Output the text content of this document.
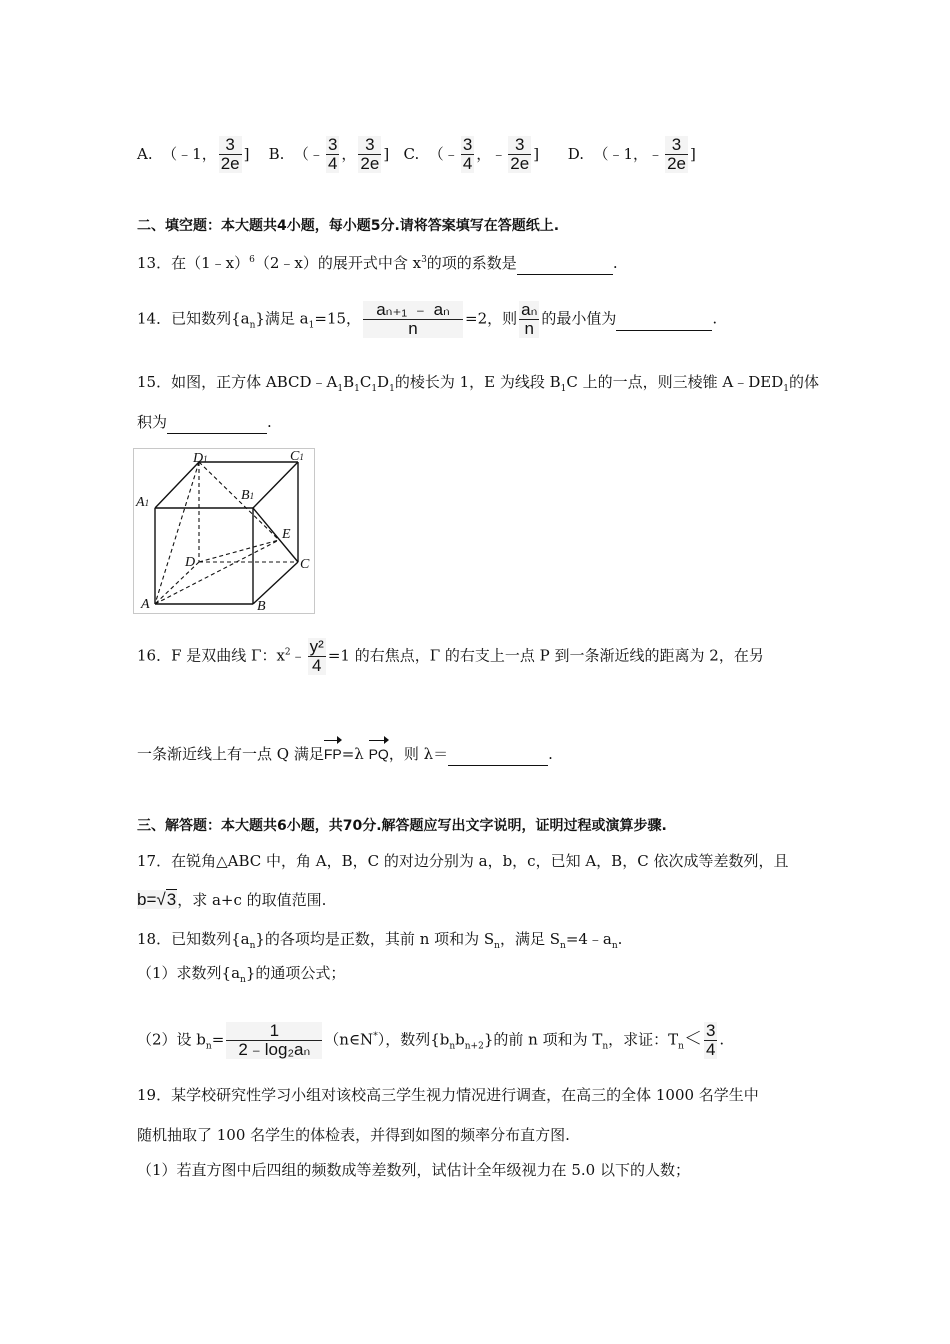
A. （﹣1， $\frac{3}{2e}$ ] B. （﹣ $\frac{3}{4}$ ， $\frac{3}{2e}$ ] C. （﹣ $\frac{3}{4}$ ，﹣ $\frac{3}{2e}$ ] D. （﹣1，﹣ $\frac{3}{2e}$ ]
二、填空题：本大题共4小题，每小题5分.请将答案填写在答题纸上.
13．在（1﹣x）$^6$（2﹣x）的展开式中含 $x^3$的项的系数是	.
14．已知数列$\{a_n\}$满足 $a_1=15$， $\frac{\text{aₙ₊₁ ﹣ aₙ}}{n} =2$，则 $\frac{\text{aₙ}}{n}$ 的最小值为	.
15．如图，正方体 $ABCD﹣A_1B_1C_1D_1$的棱长为 1，E 为线段 $B_1C$ 上的一点，则三棱锥 $A﹣DED_1$的体
积为	.
D1	C1
A1	B1
E
D	C
A	B
16．F 是双曲线 Γ：$x^2﹣ \frac{\text{y²}}{4} =1$ 的右焦点，Γ 的右支上一点 P 到一条渐近线的距离为 2，在另
一条渐近线上有一点 Q 满足FP=λ PQ，则 λ＝	.
三、解答题：本大题共6小题，共70分.解答题应写出文字说明，证明过程或演算步骤.
17．在锐角△ABC 中，角 A，B，C 的对边分别为 a，b，c，已知 A，B，C 依次成等差数列，且
b=√3，求 a+c 的取值范围.
18．已知数列$\{a_n\}$的各项均是正数，其前 n 项和为 $S_n$，满足 $S_n=4﹣a_n$.
（1）求数列$\{a_n\}$的通项公式；
（2）设 $b_n= \frac{1}{\text{2﹣log₂aₙ}}$ （n∈N*），数列$\{b_nb_{n+2}\}$的前 n 项和为 $T_n$，求证：$T_n< \frac{3}{4}$ .
19．某学校研究性学习小组对该校高三学生视力情况进行调查，在高三的全体 1000 名学生中
随机抽取了 100 名学生的体检表，并得到如图的频率分布直方图.
（1）若直方图中后四组的频数成等差数列，试估计全年级视力在 5.0 以下的人数；
